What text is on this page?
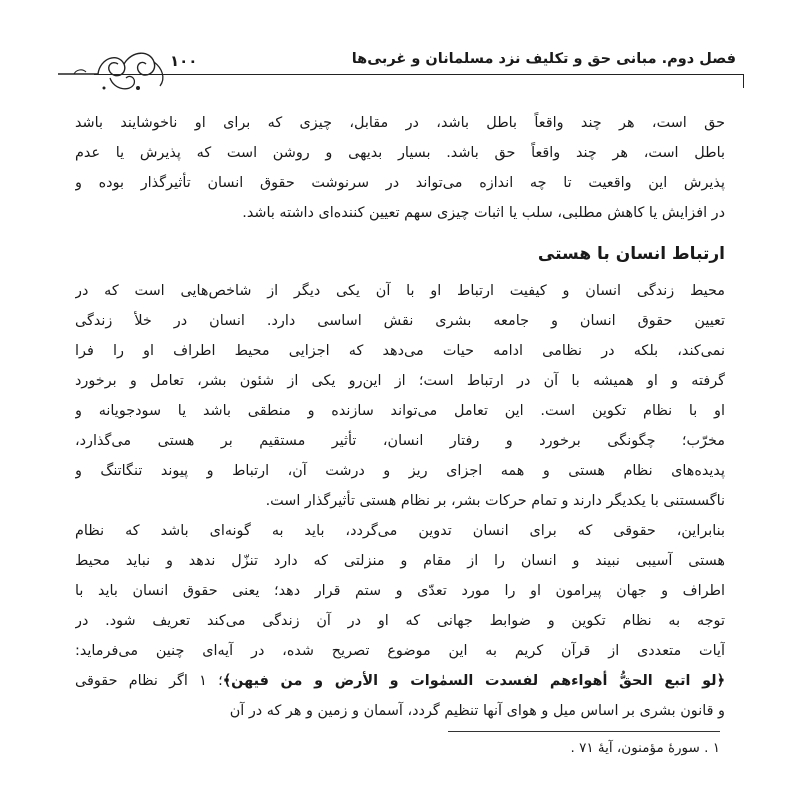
۱۰۰	فصل دوم. مبانی حق و تکلیف نزد مسلمانان و غربی‌ها
حق است، هر چند واقعاً باطل باشد، در مقابل، چیزی که برای او ناخوشایند باشد
باطل است، هر چند واقعاً حق باشد. بسیار بدیهی و روشن است که پذیرش یا عدم
پذیرش این واقعیت تا چه اندازه می‌تواند در سرنوشت حقوق انسان تأثیرگذار بوده و
در افزایش یا کاهش مطلبی، سلب یا اثبات چیزی سهم تعیین کننده‌ای داشته باشد.
ارتباط انسان با هستی
محیط زندگی انسان و کیفیت ارتباط او با آن یکی دیگر از شاخص‌هایی است که در
تعیین حقوق انسان و جامعه بشری نقش اساسی دارد. انسان در خلأ زندگی
نمی‌کند، بلکه در نظامی ادامه حیات می‌دهد که اجزایی محیط اطراف او را فرا
گرفته و او همیشه با آن در ارتباط است؛ از این‌رو یکی از شئون بشر، تعامل و برخورد
او با نظام تکوین است. این تعامل می‌تواند سازنده و منطقی باشد یا سودجویانه و
مخرّب؛ چگونگی برخورد و رفتار انسان، تأثیر مستقیم بر هستی می‌گذارد،
پدیده‌های نظام هستی و همه اجزای ریز و درشت آن، ارتباط و پیوند تنگاتنگ و
ناگسستنی با یکدیگر دارند و تمام حرکات بشر، بر نظام هستی تأثیرگذار است.
بنابراین، حقوقی که برای انسان تدوین می‌گردد، باید به گونه‌ای باشد که نظام
هستی آسیبی نبیند و انسان را از مقام و منزلتی که دارد تنزّل ندهد و نباید محیط
اطراف و جهان پیرامون او را مورد تعدّی و ستم قرار دهد؛ یعنی حقوق انسان باید با
توجه به نظام تکوین و ضوابط جهانی که او در آن زندگی می‌کند تعریف شود. در
آیات متعددی از قرآن کریم به این موضوع تصریح شده، در آیه‌ای چنین می‌فرماید:
﴿لو اتبع الحقُّ أهواءهم لفسدت السمٰوات و الأرض و من فيهن﴾؛ ۱ اگر نظام حقوقی
و قانون بشری بر اساس میل و هوای آنها تنظیم گردد، آسمان و زمین و هر که در آن
۱ . سورهٔ مؤمنون، آیهٔ ۷۱ .
